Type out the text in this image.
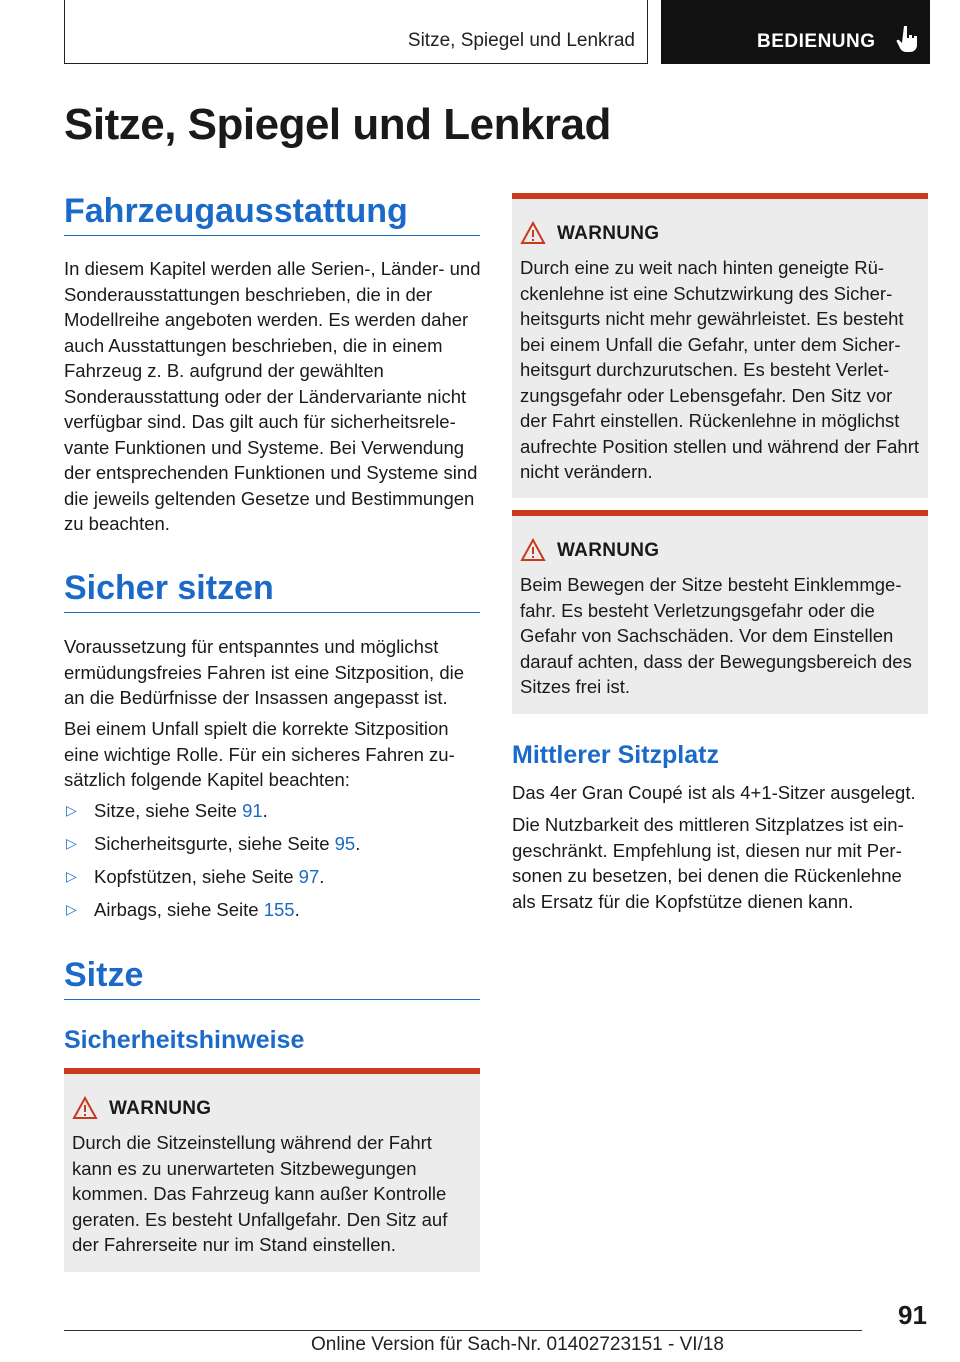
Sitze, Spiegel und Lenkrad	BEDIENUNG
Sitze, Spiegel und Lenkrad
Fahrzeugausstattung

In diesem Kapitel werden alle Serien-, Länder- und Sonderausstattungen beschrieben, die in der Modellreihe angeboten werden. Es werden daher auch Ausstattungen beschrieben, die in einem Fahrzeug z. B. aufgrund der gewählten Sonderausstattung oder der Ländervariante nicht verfügbar sind. Das gilt auch für sicherheitsrelevante Funktionen und Systeme. Bei Verwendung der entsprechenden Funktionen und Systeme sind die jeweils geltenden Gesetze und Bestimmungen zu beachten.

Sicher sitzen

Voraussetzung für entspanntes und möglichst ermüdungsfreies Fahren ist eine Sitzposition, die an die Bedürfnisse der Insassen angepasst ist.

Bei einem Unfall spielt die korrekte Sitzposition eine wichtige Rolle. Für ein sicheres Fahren zusätzlich folgende Kapitel beachten:

▷ Sitze, siehe Seite 91.
▷ Sicherheitsgurte, siehe Seite 95.
▷ Kopfstützen, siehe Seite 97.
▷ Airbags, siehe Seite 155.
Sitze
Sicherheitshinweise
WARNUNG

Durch die Sitzeinstellung während der Fahrt kann es zu unerwarteten Sitzbewegungen kommen. Das Fahrzeug kann außer Kontrolle geraten. Es besteht Unfallgefahr. Den Sitz auf der Fahrerseite nur im Stand einstellen.

WARNUNG

Durch eine zu weit nach hinten geneigte Rückenlehne ist eine Schutzwirkung des Sicherheitsgurts nicht mehr gewährleistet. Es besteht bei einem Unfall die Gefahr, unter dem Sicherheitsgurt durchzurutschen. Es besteht Verletzungsgefahr oder Lebensgefahr. Den Sitz vor der Fahrt einstellen. Rückenlehne in möglichst aufrechte Position stellen und während der Fahrt nicht verändern.

WARNUNG

Beim Bewegen der Sitze besteht Einklemmgefahr. Es besteht Verletzungsgefahr oder die Gefahr von Sachschäden. Vor dem Einstellen darauf achten, dass der Bewegungsbereich des Sitzes frei ist.

Mittlerer Sitzplatz

Das 4er Gran Coupé ist als 4+1-Sitzer ausgelegt.

Die Nutzbarkeit des mittleren Sitzplatzes ist eingeschränkt. Empfehlung ist, diesen nur mit Personen zu besetzen, bei denen die Rückenlehne als Ersatz für die Kopfstütze dienen kann.

91
Online Version für Sach-Nr. 01402723151 - VI/18
